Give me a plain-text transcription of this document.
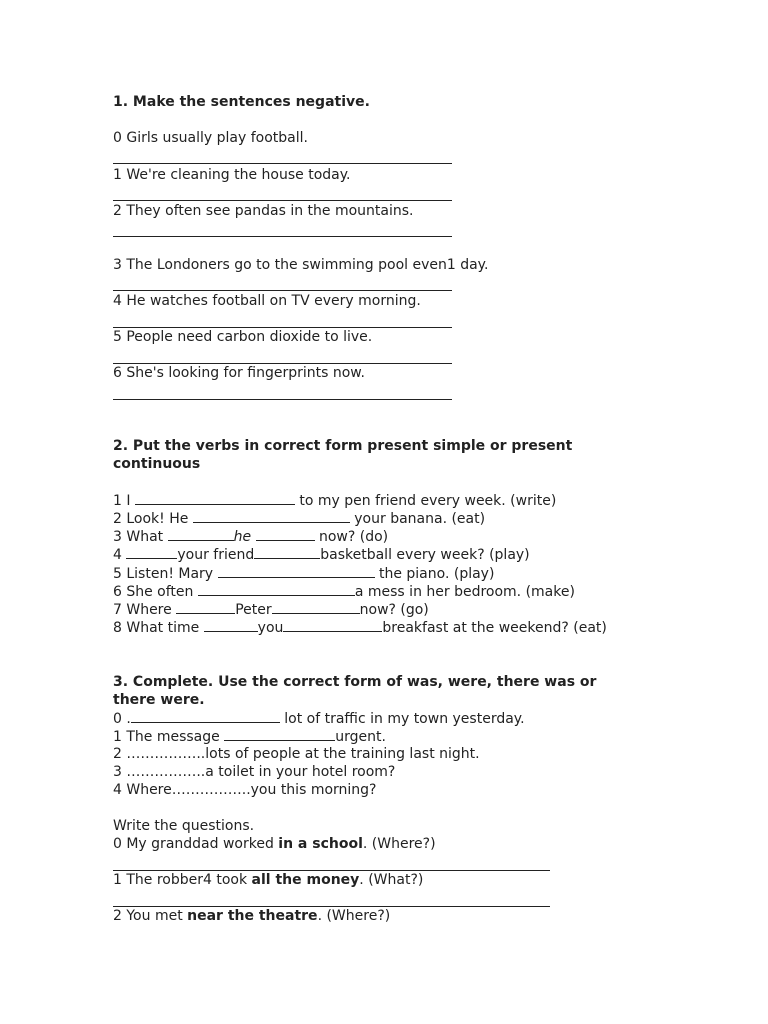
1. Make the sentences negative.

0 Girls usually play football.

1 We're cleaning the house today.

2 They often see pandas in the mountains.

3 The Londoners go to the swimming pool even1 day.

4 He watches football on TV every morning.

5 People need carbon dioxide to live.

6 She's looking for fingerprints now.

2. Put the verbs in correct form present simple or present

continuous

1 I	to my pen friend every week. (write)

2 Look! He	your banana. (eat)

3 What	he	now? (do)

4	your friend	basketball every week? (play)

5 Listen! Mary	the piano. (play)

6 She often	a mess in her bedroom. (make)

7 Where	Peter	now? (go)

8 What time	you	breakfast at the weekend? (eat)

3. Complete. Use the correct form of was, were, there was or

there were.

0 .	lot of traffic in my town yesterday.

1 The message	urgent.

2 ……………..lots of people at the training last night.

3 ……………..a toilet in your hotel room?

4 Where……………..you this morning?

Write the questions.

0 My granddad worked in a school. (Where?)

1 The robber4 took all the money. (What?)

2 You met near the theatre. (Where?)
